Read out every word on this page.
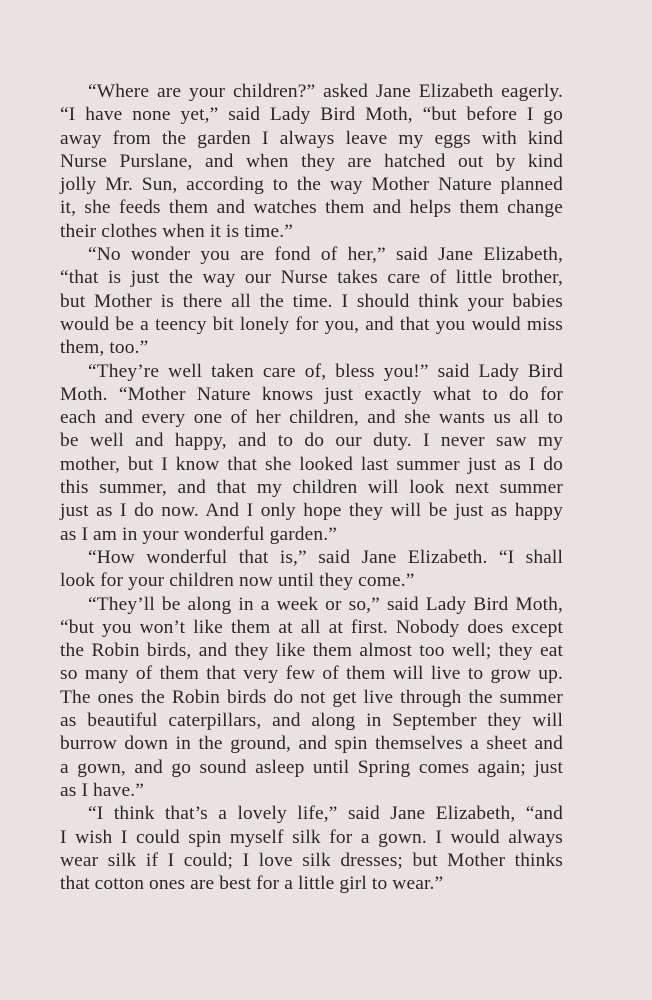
“Where are your children?” asked Jane Elizabeth eagerly.
“I have none yet,” said Lady Bird Moth, “but before I go
away from the garden I always leave my eggs with kind
Nurse Purslane, and when they are hatched out by kind
jolly Mr. Sun, according to the way Mother Nature planned
it, she feeds them and watches them and helps them change
their clothes when it is time.”
“No wonder you are fond of her,” said Jane Elizabeth,
“that is just the way our Nurse takes care of little brother,
but Mother is there all the time. I should think your babies
would be a teency bit lonely for you, and that you would miss
them, too.”
“They’re well taken care of, bless you!” said Lady Bird
Moth. “Mother Nature knows just exactly what to do for
each and every one of her children, and she wants us all to
be well and happy, and to do our duty. I never saw my
mother, but I know that she looked last summer just as I do
this summer, and that my children will look next summer
just as I do now. And I only hope they will be just as happy
as I am in your wonderful garden.”
“How wonderful that is,” said Jane Elizabeth. “I shall
look for your children now until they come.”
“They’ll be along in a week or so,” said Lady Bird Moth,
“but you won’t like them at all at first. Nobody does except
the Robin birds, and they like them almost too well; they eat
so many of them that very few of them will live to grow up.
The ones the Robin birds do not get live through the summer
as beautiful caterpillars, and along in September they will
burrow down in the ground, and spin themselves a sheet and
a gown, and go sound asleep until Spring comes again; just
as I have.”
“I think that’s a lovely life,” said Jane Elizabeth, “and
I wish I could spin myself silk for a gown. I would always
wear silk if I could; I love silk dresses; but Mother thinks
that cotton ones are best for a little girl to wear.”
